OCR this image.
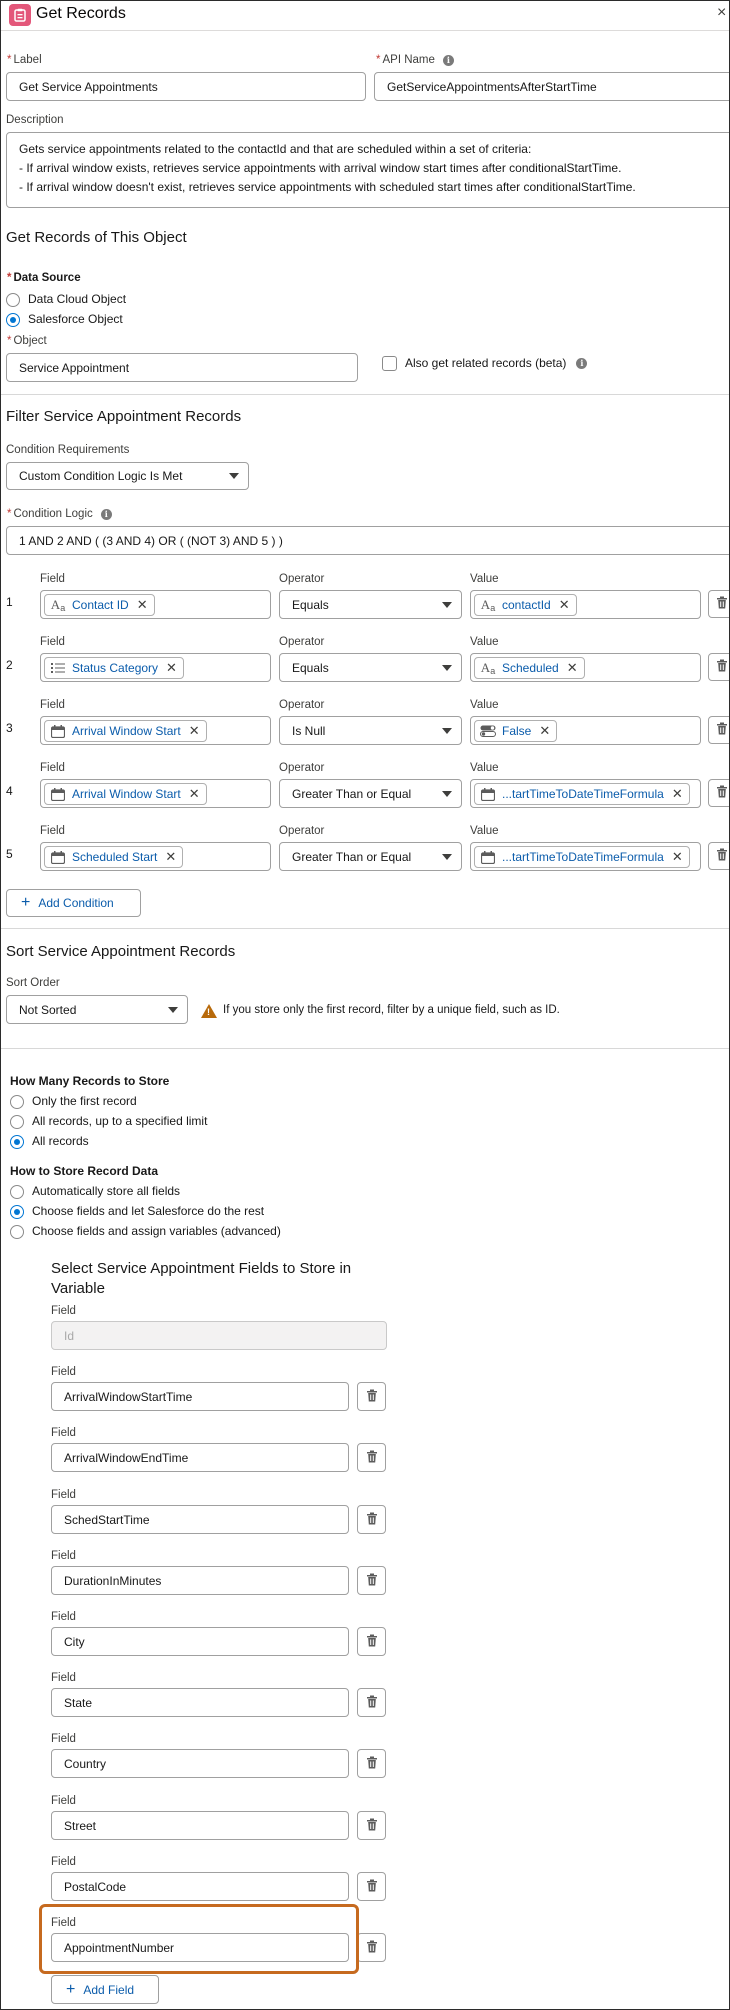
Get Records	×
* Label
Get Service Appointments
* API Name	i
GetServiceAppointmentsAfterStartTime
Description
Gets service appointments related to the contactId and that are scheduled within a set of criteria:
- If arrival window exists, retrieves service appointments with arrival window start times after conditionalStartTime.
- If arrival window doesn't exist, retrieves service appointments with scheduled start times after conditionalStartTime.
Get Records of This Object
* Data Source
Data Cloud Object
Salesforce Object
* Object
Service Appointment	Also get related records (beta)	i
Filter Service Appointment Records
Condition Requirements
Custom Condition Logic Is Met
* Condition Logic	i
1 AND 2 AND ( (3 AND 4) OR ( (NOT 3) AND 5 ) )
Field	Operator	Value
1	A a Contact ID ✕	Equals	A a contactId ✕
Field	Operator	Value
2	Status Category ✕	Equals	A a Scheduled ✕
Field	Operator	Value
3	Arrival Window Start ✕	Is Null	False ✕
Field	Operator	Value
4	Arrival Window Start ✕	Greater Than or Equal	...tartTimeToDateTimeFormula ✕
Field	Operator	Value
5	Scheduled Start ✕	Greater Than or Equal	...tartTimeToDateTimeFormula ✕
+ Add Condition
Sort Service Appointment Records
Sort Order
Not Sorted	! If you store only the first record, filter by a unique field, such as ID.
How Many Records to Store
Only the first record
All records, up to a specified limit
All records
How to Store Record Data
Automatically store all fields
Choose fields and let Salesforce do the rest
Choose fields and assign variables (advanced)
Select Service Appointment Fields to Store in
Variable
Field
Id
Field
ArrivalWindowStartTime
Field
ArrivalWindowEndTime
Field
SchedStartTime
Field
DurationInMinutes
Field
City
Field
State
Field
Country
Field
Street
Field
PostalCode
Field
AppointmentNumber
+ Add Field
